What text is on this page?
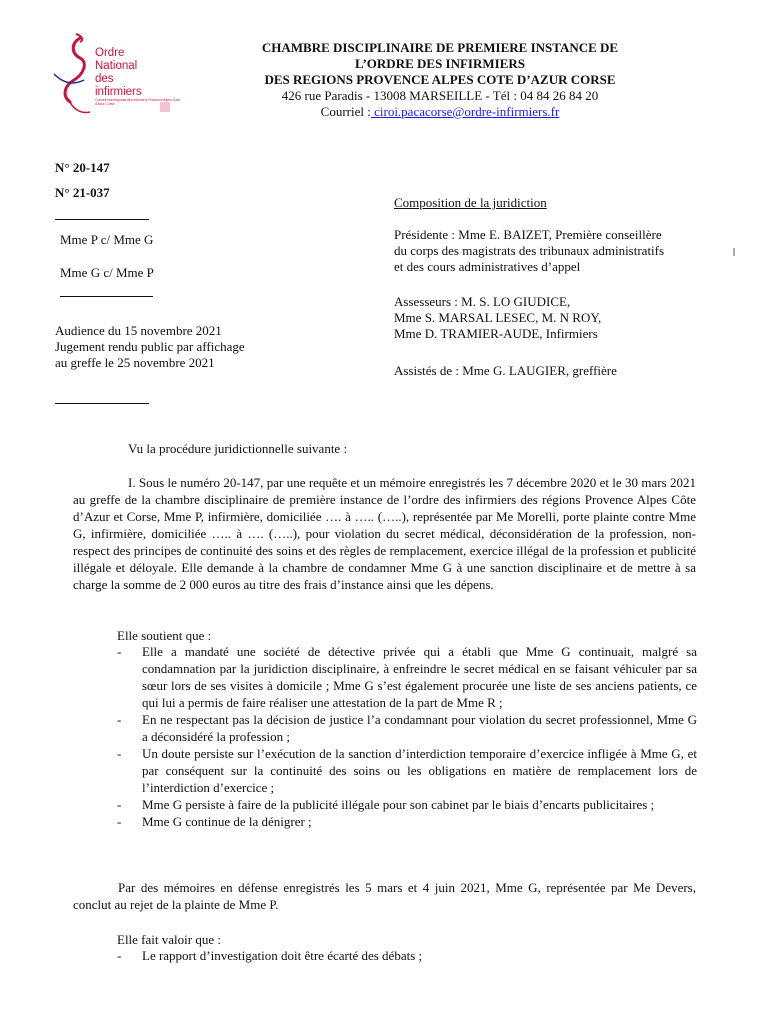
Ordre
National
des
infirmiers
Conseil Interrégional des Infirmiers Provence Alpes Côte d'Azur Corse
CHAMBRE DISCIPLINAIRE DE PREMIERE INSTANCE DE
L’ORDRE DES INFIRMIERS
DES REGIONS PROVENCE ALPES COTE D’AZUR CORSE
426 rue Paradis - 13008 MARSEILLE - Tél : 04 84 26 84 20
Courriel : ciroi.pacacorse@ordre-infirmiers.fr
N° 20-147
N° 21-037
Mme P c/ Mme G
Mme G c/ Mme P
Audience du 15 novembre 2021
Jugement rendu public par affichage
au greffe le 25 novembre 2021
Composition de la juridiction
Présidente : Mme E. BAIZET, Première conseillère
du corps des magistrats des tribunaux administratifs
et des cours administratives d’appel
Assesseurs : M. S. LO GIUDICE,
Mme S. MARSAL LESEC, M. N ROY,
Mme D. TRAMIER-AUDE, Infirmiers
Assistés de : Mme G. LAUGIER, greffière
Vu la procédure juridictionnelle suivante :

I. Sous le numéro 20-147, par une requête et un mémoire enregistrés les 7 décembre 2020 et le 30 mars 2021 au greffe de la chambre disciplinaire de première instance de l’ordre des infirmiers des régions Provence Alpes Côte d’Azur et Corse, Mme P, infirmière, domiciliée …. à ….. (…..), représentée par Me Morelli, porte plainte contre Mme G, infirmière, domiciliée ….. à …. (…..), pour violation du secret médical, déconsidération de la profession, non-respect des principes de continuité des soins et des règles de remplacement, exercice illégal de la profession et publicité illégale et déloyale. Elle demande à la chambre de condamner Mme G à une sanction disciplinaire et de mettre à sa charge la somme de 2 000 euros au titre des frais d’instance ainsi que les dépens.

Elle soutient que :
- Elle a mandaté une société de détective privée qui a établi que Mme G continuait, malgré sa condamnation par la juridiction disciplinaire, à enfreindre le secret médical en se faisant véhiculer par sa sœur lors de ses visites à domicile ; Mme G s’est également procurée une liste de ses anciens patients, ce qui lui a permis de faire réaliser une attestation de la part de Mme R ;
- En ne respectant pas la décision de justice l’a condamnant pour violation du secret professionnel, Mme G a déconsidéré la profession ;
- Un doute persiste sur l’exécution de la sanction d’interdiction temporaire d’exercice infligée à Mme G, et par conséquent sur la continuité des soins ou les obligations en matière de remplacement lors de l’interdiction d’exercice ;
- Mme G persiste à faire de la publicité illégale pour son cabinet par le biais d’encarts publicitaires ;
- Mme G continue de la dénigrer ;

Par des mémoires en défense enregistrés les 5 mars et 4 juin 2021, Mme G, représentée par Me Devers, conclut au rejet de la plainte de Mme P.

Elle fait valoir que :
- Le rapport d’investigation doit être écarté des débats ;
